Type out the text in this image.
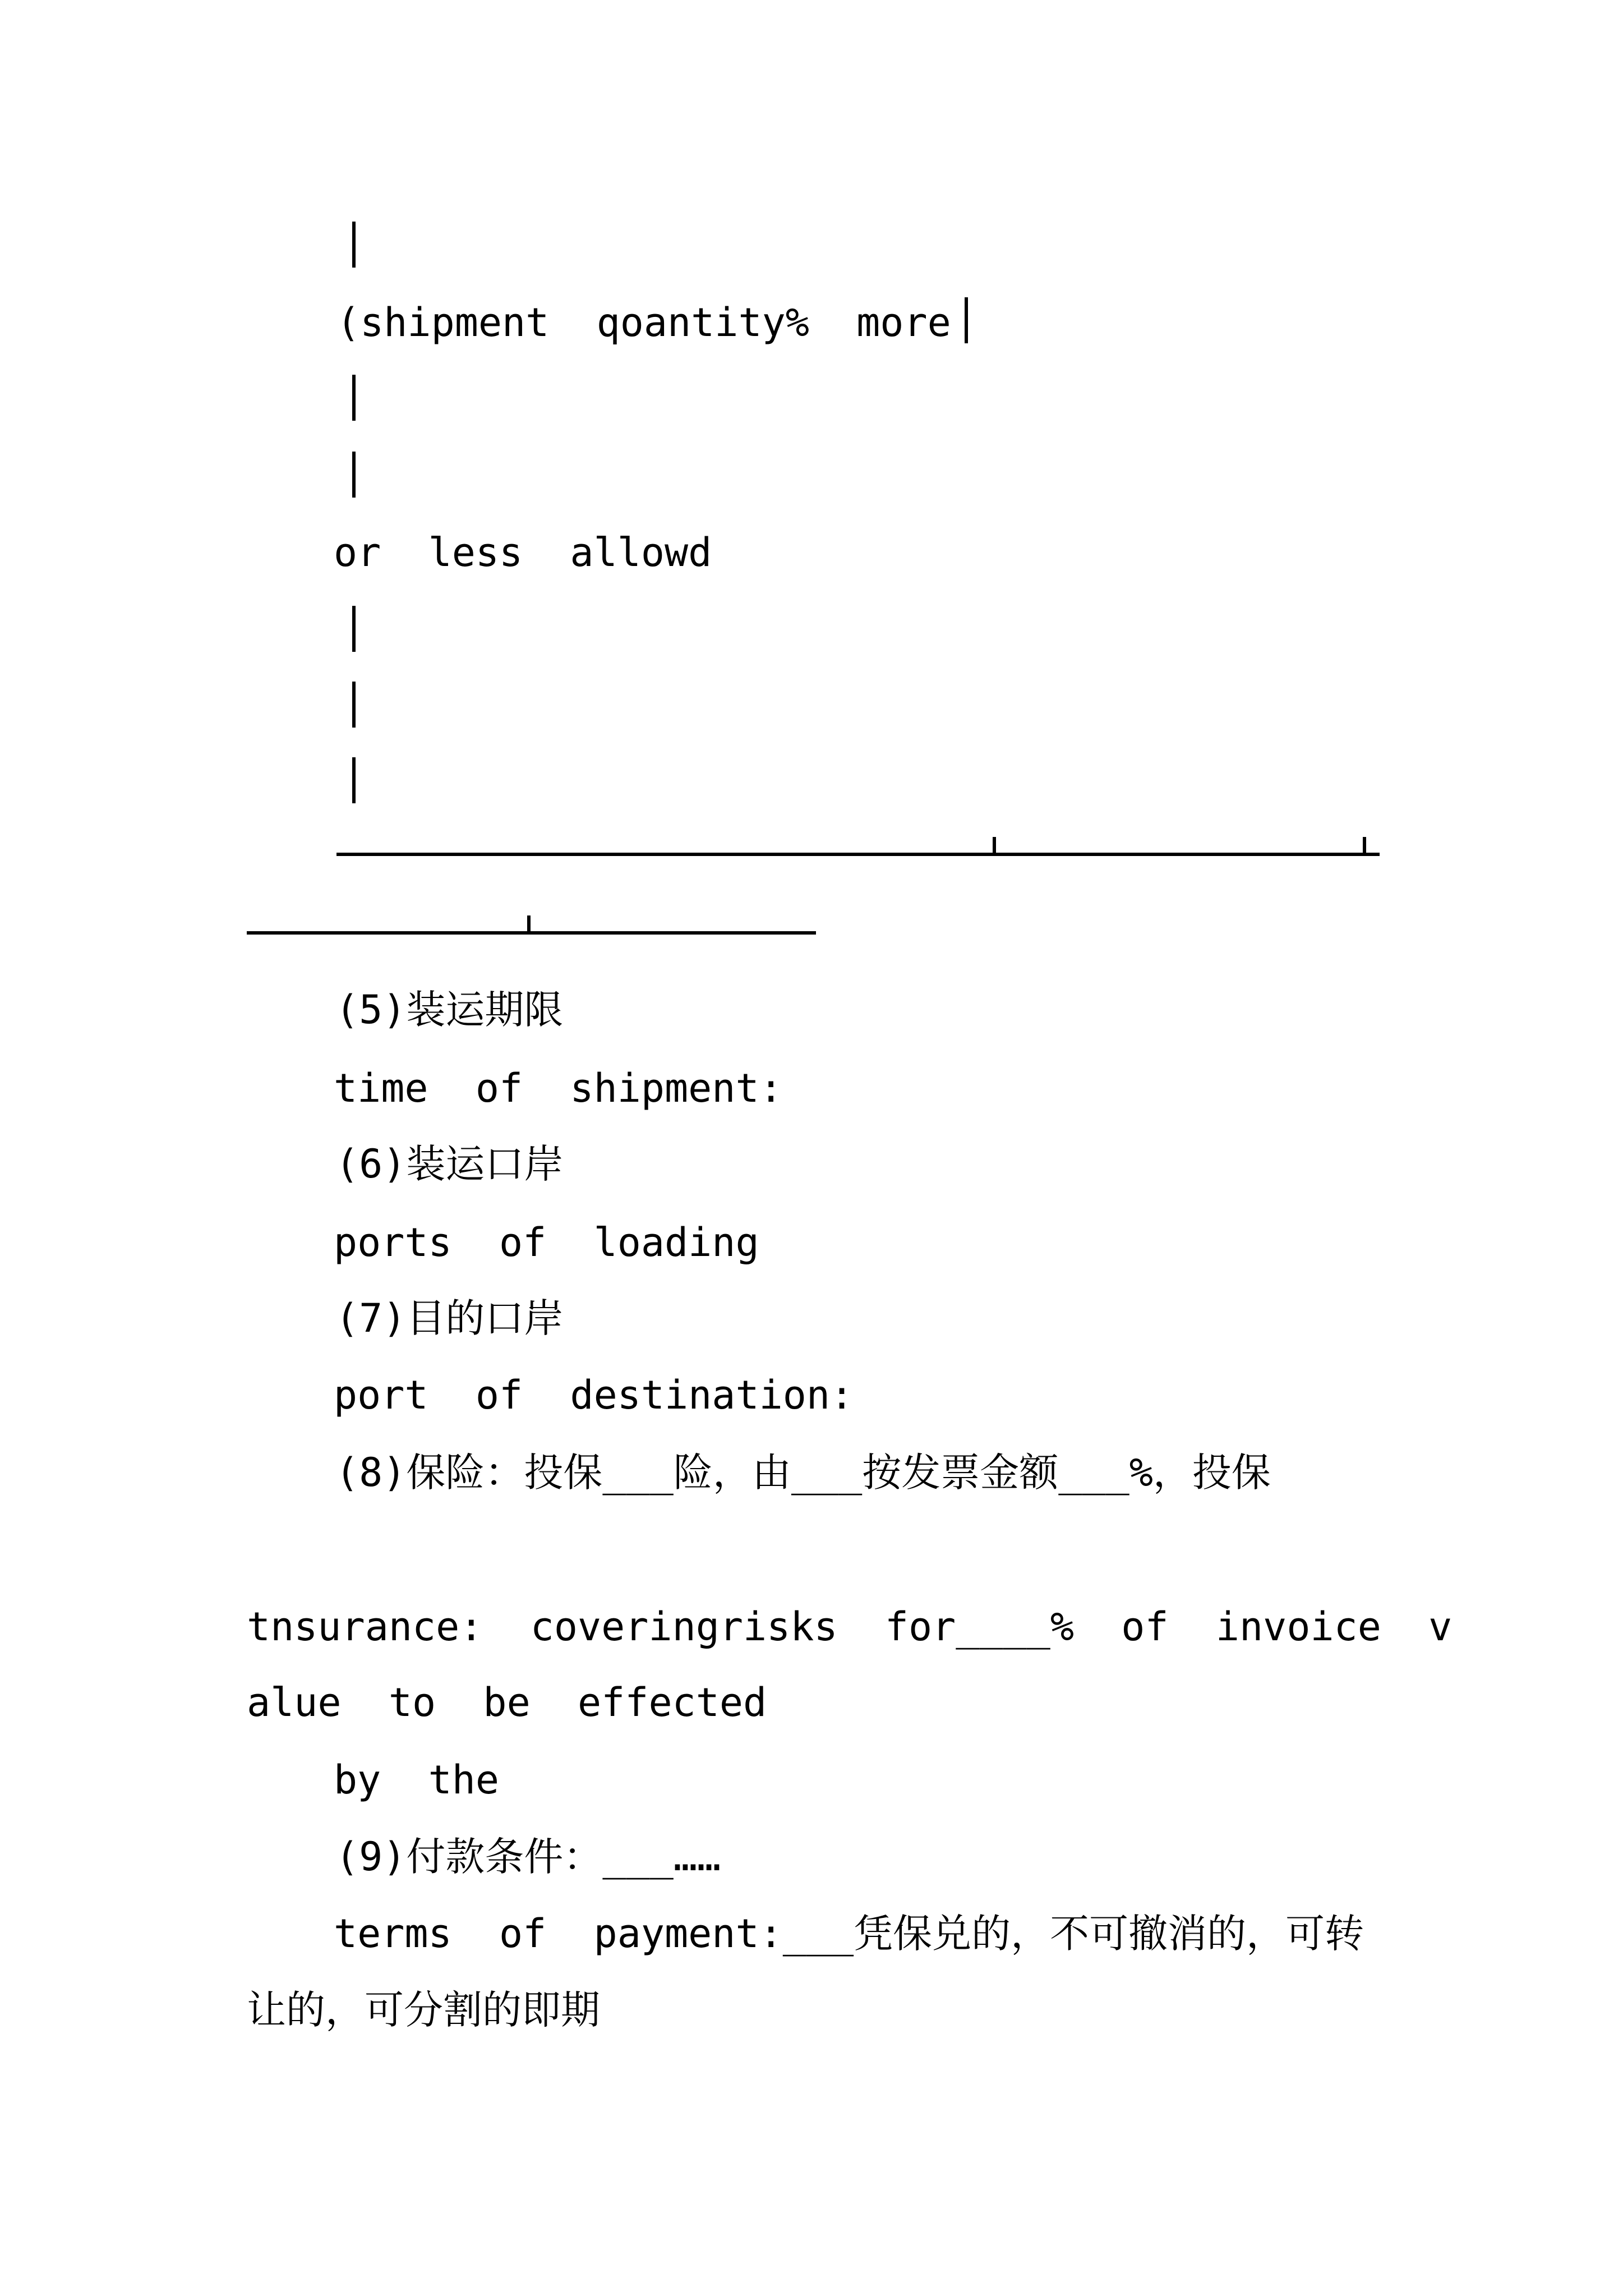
(shipment  qoantity%  more
or  less  allowd
(5)装运期限
time  of  shipment:
(6)装运口岸
ports  of  loading
(7)目的口岸
port  of  destination:
(8)保险：投保___险，由___按发票金额___%，投保
tnsurance:  coveringrisks  for____%  of  invoice  v
alue  to  be  effected
by  the
(9)付款条件：___……
terms  of  payment:___凭保兑的，不可撤消的，可转
让的，可分割的即期
